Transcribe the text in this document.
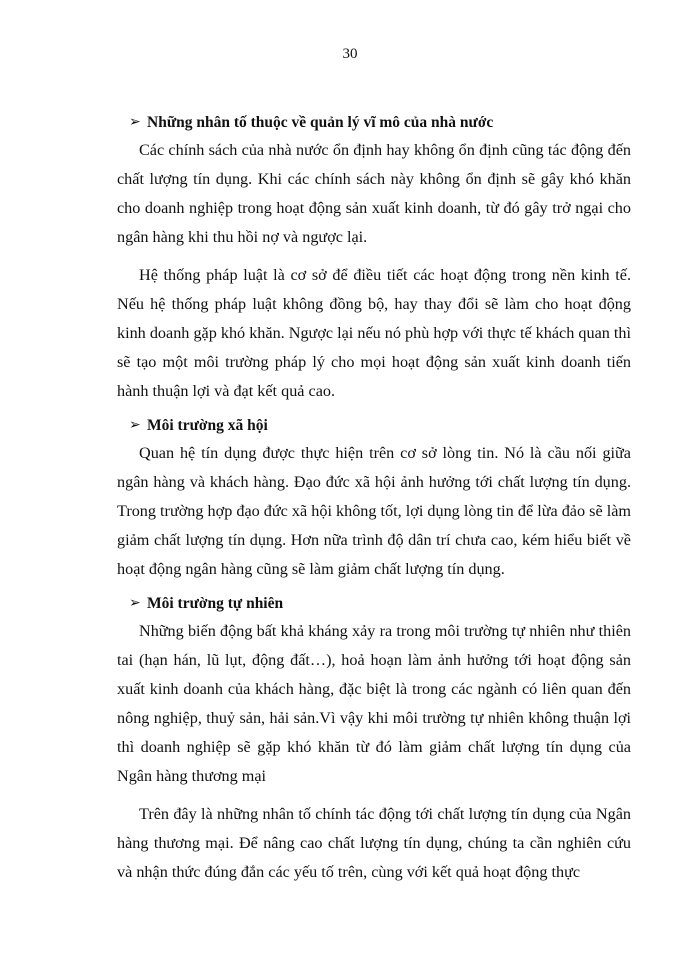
30
➢ Những nhân tố thuộc về quản lý vĩ mô của nhà nước

Các chính sách của nhà nước ổn định hay không ổn định cũng tác động đến chất lượng tín dụng. Khi các chính sách này không ổn định sẽ gây khó khăn cho doanh nghiệp trong hoạt động sản xuất kinh doanh, từ đó gây trở ngại cho ngân hàng khi thu hồi nợ và ngược lại.

Hệ thống pháp luật là cơ sở để điều tiết các hoạt động trong nền kinh tế. Nếu hệ thống pháp luật không đồng bộ, hay thay đổi sẽ làm cho hoạt động kinh doanh gặp khó khăn. Ngược lại nếu nó phù hợp với thực tế khách quan thì sẽ tạo một môi trường pháp lý cho mọi hoạt động sản xuất kinh doanh tiến hành thuận lợi và đạt kết quả cao.

➢ Môi trường xã hội

Quan hệ tín dụng được thực hiện trên cơ sở lòng tin. Nó là cầu nối giữa ngân hàng và khách hàng. Đạo đức xã hội ảnh hưởng tới chất lượng tín dụng. Trong trường hợp đạo đức xã hội không tốt, lợi dụng lòng tin để lừa đảo sẽ làm giảm chất lượng tín dụng. Hơn nữa trình độ dân trí chưa cao, kém hiểu biết về hoạt động ngân hàng cũng sẽ làm giảm chất lượng tín dụng.

➢ Môi trường tự nhiên

Những biến động bất khả kháng xảy ra trong môi trường tự nhiên như thiên tai (hạn hán, lũ lụt, động đất…), hoả hoạn làm ảnh hưởng tới hoạt động sản xuất kinh doanh của khách hàng, đặc biệt là trong các ngành có liên quan đến nông nghiệp, thuỷ sản, hải sản.Vì vậy khi môi trường tự nhiên không thuận lợi thì doanh nghiệp sẽ gặp khó khăn từ đó làm giảm chất lượng tín dụng của Ngân hàng thương mại

Trên đây là những nhân tố chính tác động tới chất lượng tín dụng của Ngân hàng thương mại. Để nâng cao chất lượng tín dụng, chúng ta cần nghiên cứu và nhận thức đúng đắn các yếu tố trên, cùng với kết quả hoạt động thực
